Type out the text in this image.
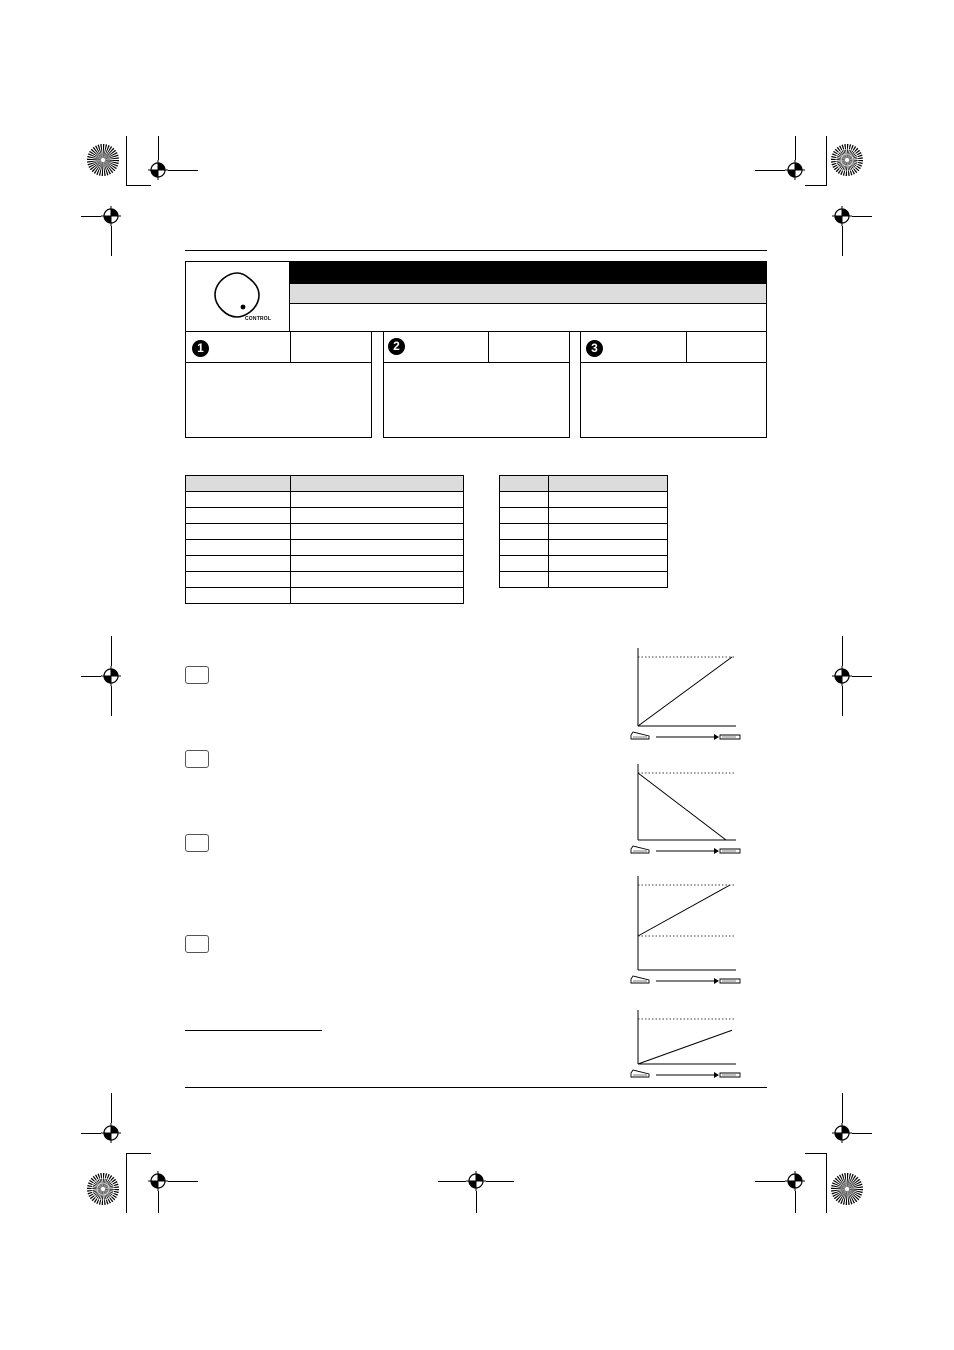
CONTROL
1	2	3
